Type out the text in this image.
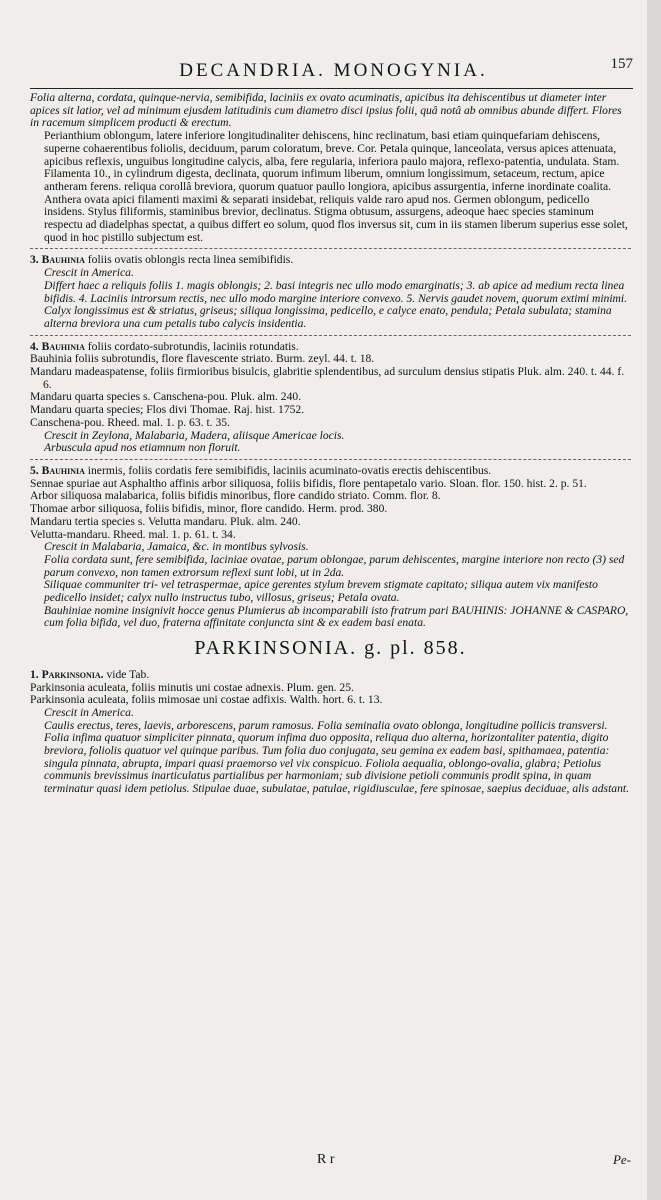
DECANDRIA. MONOGYNIA.	157

Folia alterna, cordata, quinque-nervia, semibifida, laciniis ex ovato acuminatis, apicibus ita dehiscentibus ut diameter inter apices sit latior, vel ad minimum ejusdem latitudinis cum diametro disci ipsius folii, quâ notâ ab omnibus abunde differt. Flores in racemum simplicem producti & erectum.

Perianthium oblongum, latere inferiore longitudinaliter dehiscens, hinc reclinatum, basi etiam quinquefariam dehiscens, superne cohaerentibus foliolis, deciduum, parum coloratum, breve. Cor. Petala quinque, lanceolata, versus apices attenuata, apicibus reflexis, unguibus longitudine calycis, alba, fere regularia, inferiora paulo majora, reflexo-patentia, undulata. Stam. Filamenta 10., in cylindrum digesta, declinata, quorum infimum liberum, omnium longissimum, setaceum, rectum, apice antheram ferens. reliqua corollâ breviora, quorum quatuor paullo longiora, apicibus assurgentia, inferne inordinate coalita. Anthera ovata apici filamenti maximi & separati insidebat, reliquis valde raro apud nos. Germen oblongum, pedicello insidens. Stylus filiformis, staminibus brevior, declinatus. Stigma obtusum, assurgens, adeoque haec species staminum respectu ad diadelphas spectat, a quibus differt eo solum, quod flos inversus sit, cum in iis stamen liberum superius esse solet, quod in hoc pistillo subjectum est.

3. Bauhinia foliis ovatis oblongis recta linea semibifidis.

Crescit in America.

Differt haec a reliquis foliis 1. magis oblongis; 2. basi integris nec ullo modo emarginatis; 3. ab apice ad medium recta linea bifidis. 4. Laciniis introrsum rectis, nec ullo modo margine interiore convexo. 5. Nervis gaudet novem, quorum extimi minimi.

Calyx longissimus est & striatus, griseus; siliqua longissima, pedicello, e calyce enato, pendula; Petala subulata; stamina alterna breviora una cum petalis tubo calycis insidentia.

4. Bauhinia foliis cordato-subrotundis, laciniis rotundatis.

Bauhinia foliis subrotundis, flore flavescente striato. Burm. zeyl. 44. t. 18.

Mandaru madeaspatense, foliis firmioribus bisulcis, glabritie splendentibus, ad surculum densius stipatis Pluk. alm. 240. t. 44. f. 6.

Mandaru quarta species s. Canschena-pou. Pluk. alm. 240.

Mandaru quarta species; Flos divi Thomae. Raj. hist. 1752.

Canschena-pou. Rheed. mal. 1. p. 63. t. 35.

Crescit in Zeylona, Malabaria, Madera, aliisque Americae locis.

Arbuscula apud nos etiamnum non floruit.

5. Bauhinia inermis, foliis cordatis fere semibifidis, laciniis acuminato-ovatis erectis dehiscentibus.

Sennae spuriae aut Asphaltho affinis arbor siliquosa, foliis bifidis, flore pentapetalo vario. Sloan. flor. 150. hist. 2. p. 51.

Arbor siliquosa malabarica, foliis bifidis minoribus, flore candido striato. Comm. flor. 8.

Thomae arbor siliquosa, foliis bifidis, minor, flore candido. Herm. prod. 380.

Mandaru tertia species s. Velutta mandaru. Pluk. alm. 240.

Velutta-mandaru. Rheed. mal. 1. p. 61. t. 34.

Crescit in Malabaria, Jamaica, &c. in montibus sylvosis.

Folia cordata sunt, fere semibifida, laciniae ovatae, parum oblongae, parum dehiscentes, margine interiore non recto (3) sed parum convexo, non tamen extrorsum reflexi sunt lobi, ut in 2da.

Siliquae communiter tri- vel tetraspermae, apice gerentes stylum brevem stigmate capitato; siliqua autem vix manifesto pedicello insidet; calyx nullo instructus tubo, villosus, griseus; Petala ovata.

Bauhiniae nomine insignivit hocce genus Plumierus ab incomparabili isto fratrum pari BAUHINIS: JOHANNE & CASPARO, cum folia bifida, vel duo, fraterna affinitate conjuncta sint & ex eadem basi enata.

PARKINSONIA. g. pl. 858.

1. Parkinsonia. vide Tab.

Parkinsonia aculeata, foliis minutis uni costae adnexis. Plum. gen. 25.

Parkinsonia aculeata, foliis mimosae uni costae adfixis. Walth. hort. 6. t. 13.

Crescit in America.

Caulis erectus, teres, laevis, arborescens, parum ramosus. Folia seminalia ovato oblonga, longitudine pollicis transversi. Folia infima quatuor simpliciter pinnata, quorum infima duo opposita, reliqua duo alterna, horizontaliter patentia, digito breviora, foliolis quatuor vel quinque paribus. Tum folia duo conjugata, seu gemina ex eadem basi, spithamaea, patentia: singula pinnata, abrupta, impari quasi praemorso vel vix conspicuo. Foliola aequalia, oblongo-ovalia, glabra; Petiolus communis brevissimus inarticulatus partialibus per harmoniam; sub divisione petioli communis prodit spina, in quam terminatur quasi idem petiolus. Stipulae duae, subulatae, patulae, rigidiusculae, fere spinosae, saepius deciduae, alis adstant.

R r	Pe-
